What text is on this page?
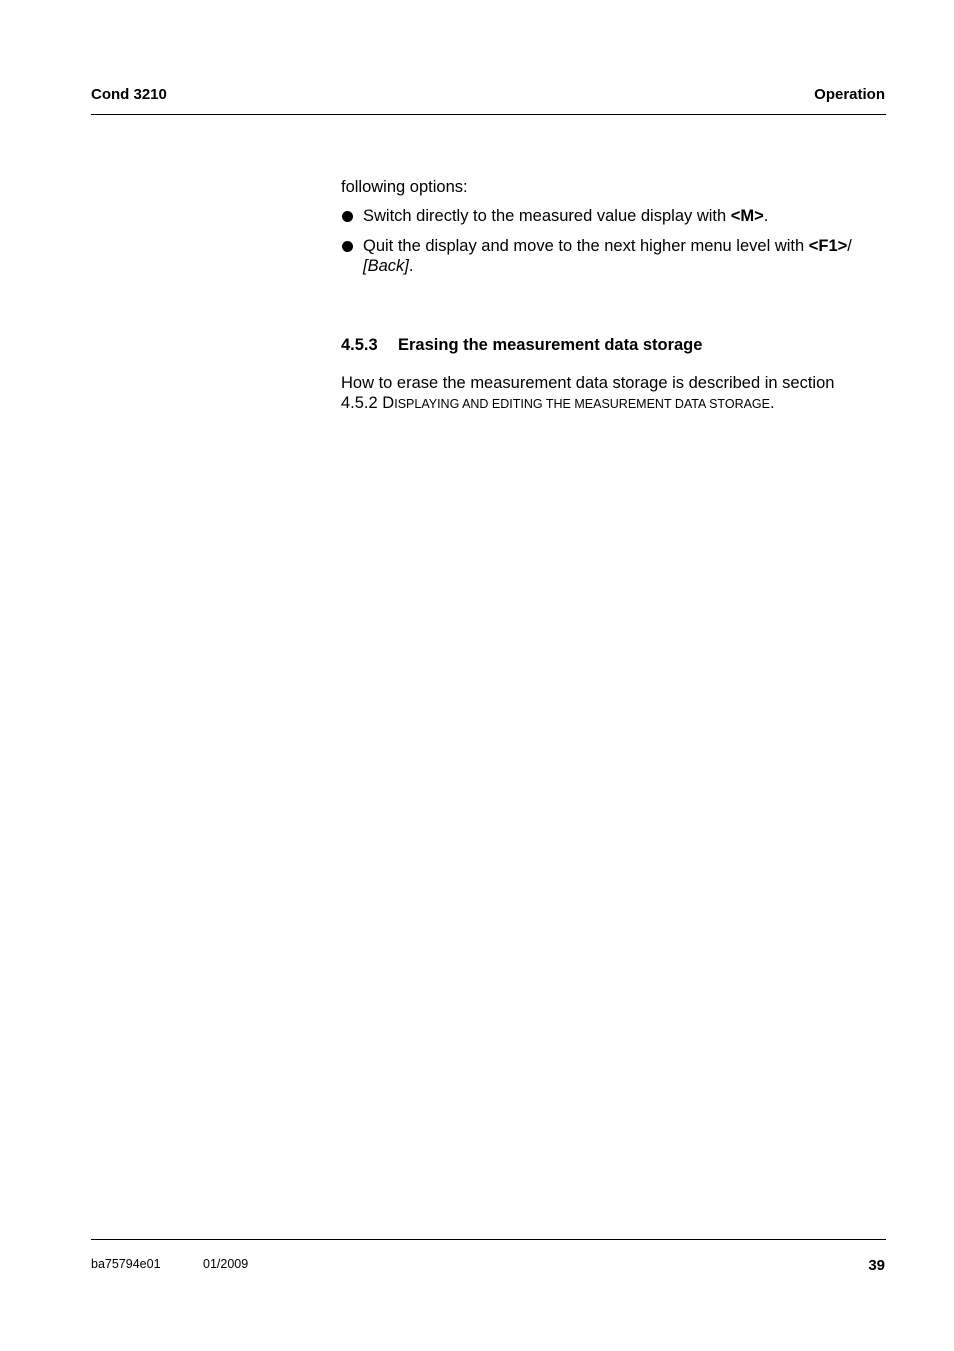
Cond 3210	Operation
following options:
Switch directly to the measured value display with <M>.
Quit the display and move to the next higher menu level with <F1>/
[Back].
4.5.3 Erasing the measurement data storage
How to erase the measurement data storage is described in section
4.5.2 DISPLAYING AND EDITING THE MEASUREMENT DATA STORAGE.
ba75794e01	01/2009	39
